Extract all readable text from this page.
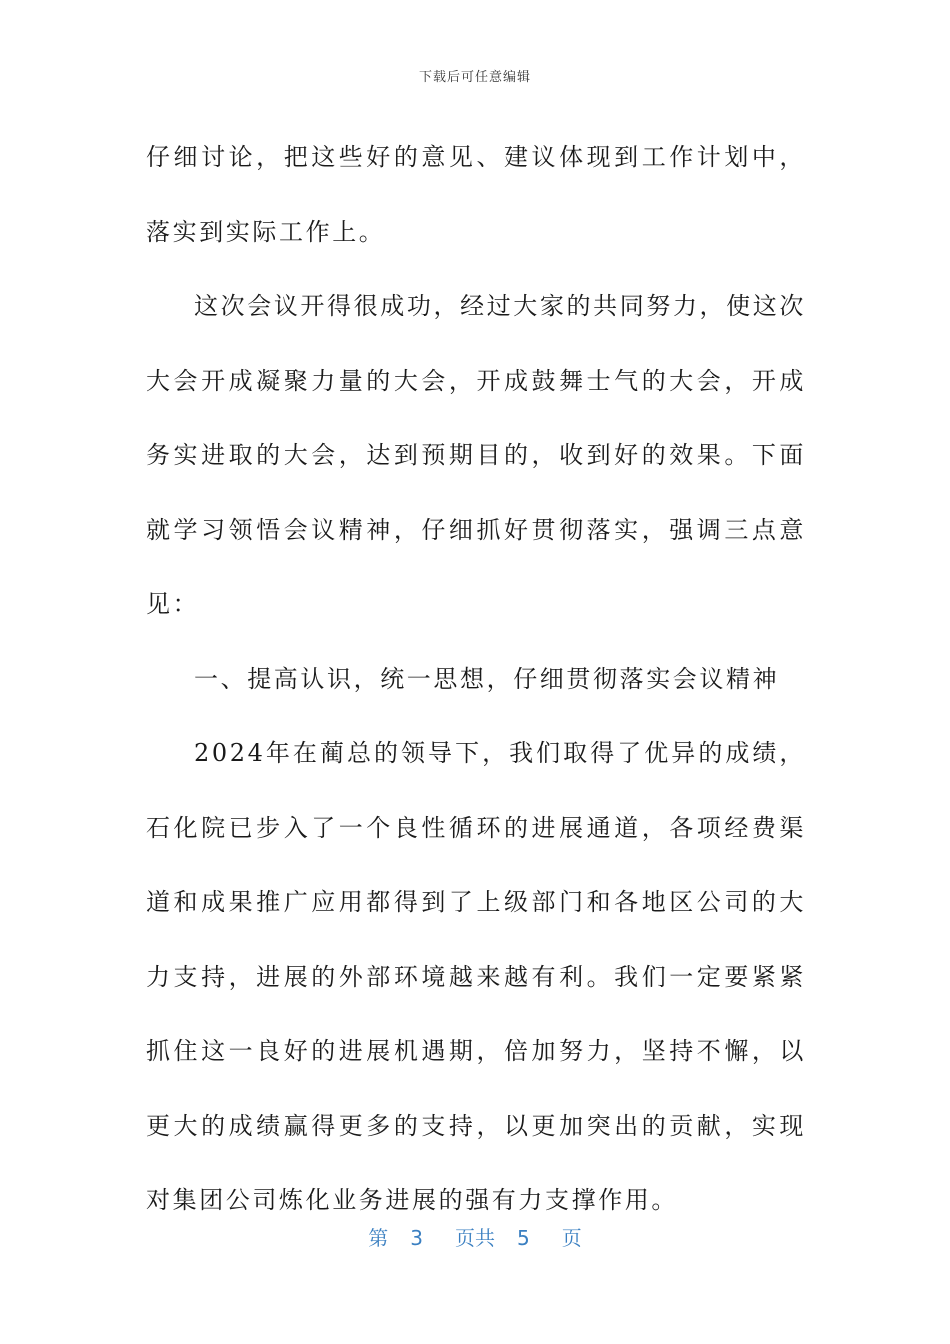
下载后可任意编辑

仔细讨论，把这些好的意见、建议体现到工作计划中，落实到实际工作上。

这次会议开得很成功，经过大家的共同努力，使这次大会开成凝聚力量的大会，开成鼓舞士气的大会，开成务实进取的大会，达到预期目的，收到好的效果。下面就学习领悟会议精神，仔细抓好贯彻落实，强调三点意见：

一、提高认识，统一思想，仔细贯彻落实会议精神

2024年在蔺总的领导下，我们取得了优异的成绩，石化院已步入了一个良性循环的进展通道，各项经费渠道和成果推广应用都得到了上级部门和各地区公司的大力支持，进展的外部环境越来越有利。我们一定要紧紧抓住这一良好的进展机遇期，倍加努力，坚持不懈，以更大的成绩赢得更多的支持，以更加突出的贡献，实现对集团公司炼化业务进展的强有力支撑作用。

第 3 页共 5 页
